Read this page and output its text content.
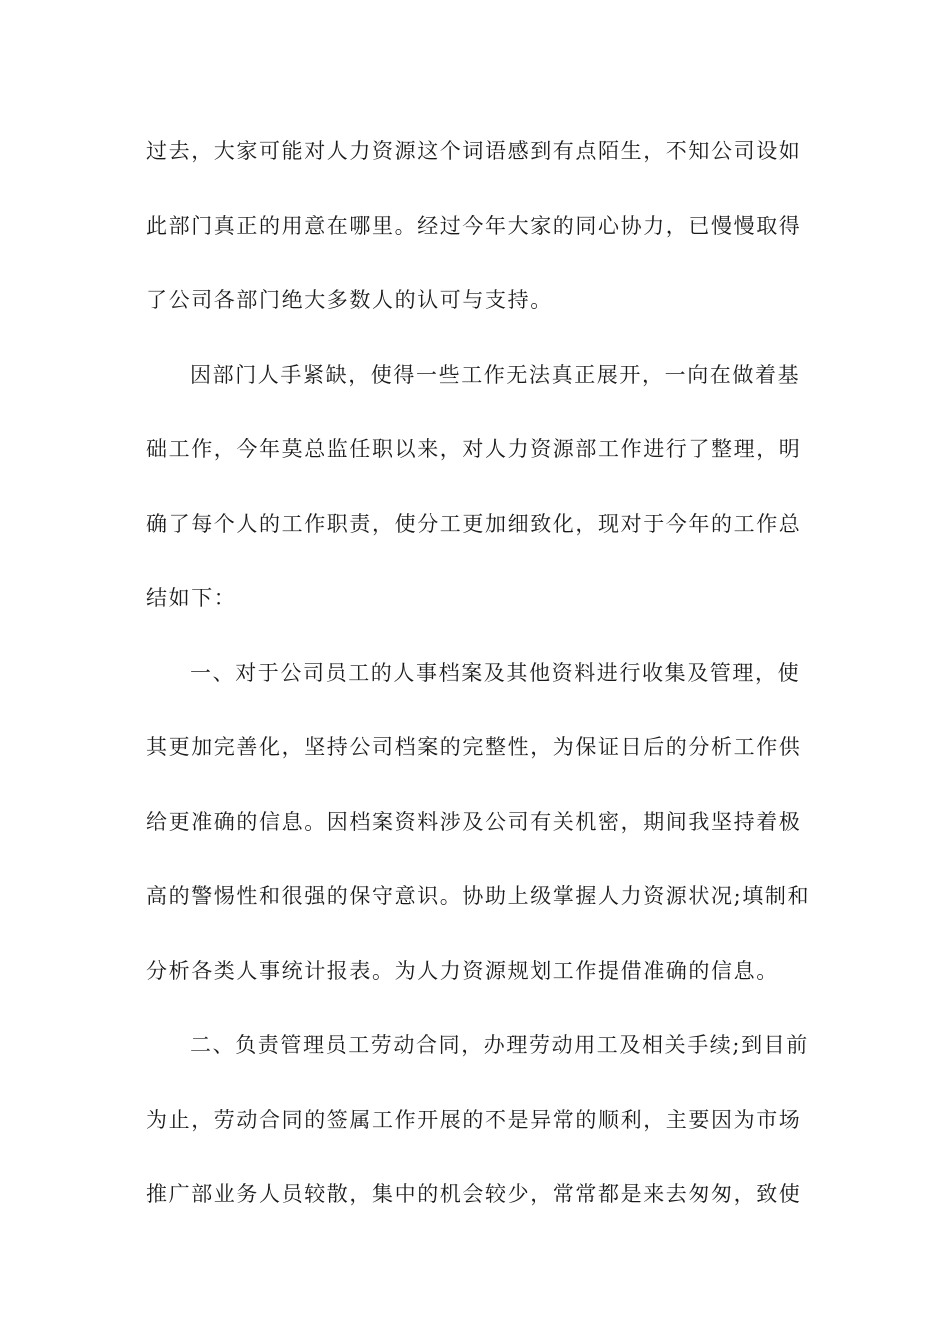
过去，大家可能对人力资源这个词语感到有点陌生，不知公司设如
此部门真正的用意在哪里。经过今年大家的同心协力，已慢慢取得
了公司各部门绝大多数人的认可与支持。
因部门人手紧缺，使得一些工作无法真正展开，一向在做着基
础工作，今年莫总监任职以来，对人力资源部工作进行了整理，明
确了每个人的工作职责，使分工更加细致化，现对于今年的工作总
结如下：
一、对于公司员工的人事档案及其他资料进行收集及管理，使
其更加完善化，坚持公司档案的完整性，为保证日后的分析工作供
给更准确的信息。因档案资料涉及公司有关机密，期间我坚持着极
高的警惕性和很强的保守意识。协助上级掌握人力资源状况;填制和
分析各类人事统计报表。为人力资源规划工作提借准确的信息。
二、负责管理员工劳动合同，办理劳动用工及相关手续;到目前
为止，劳动合同的签属工作开展的不是异常的顺利，主要因为市场
推广部业务人员较散，集中的机会较少，常常都是来去匆匆，致使
